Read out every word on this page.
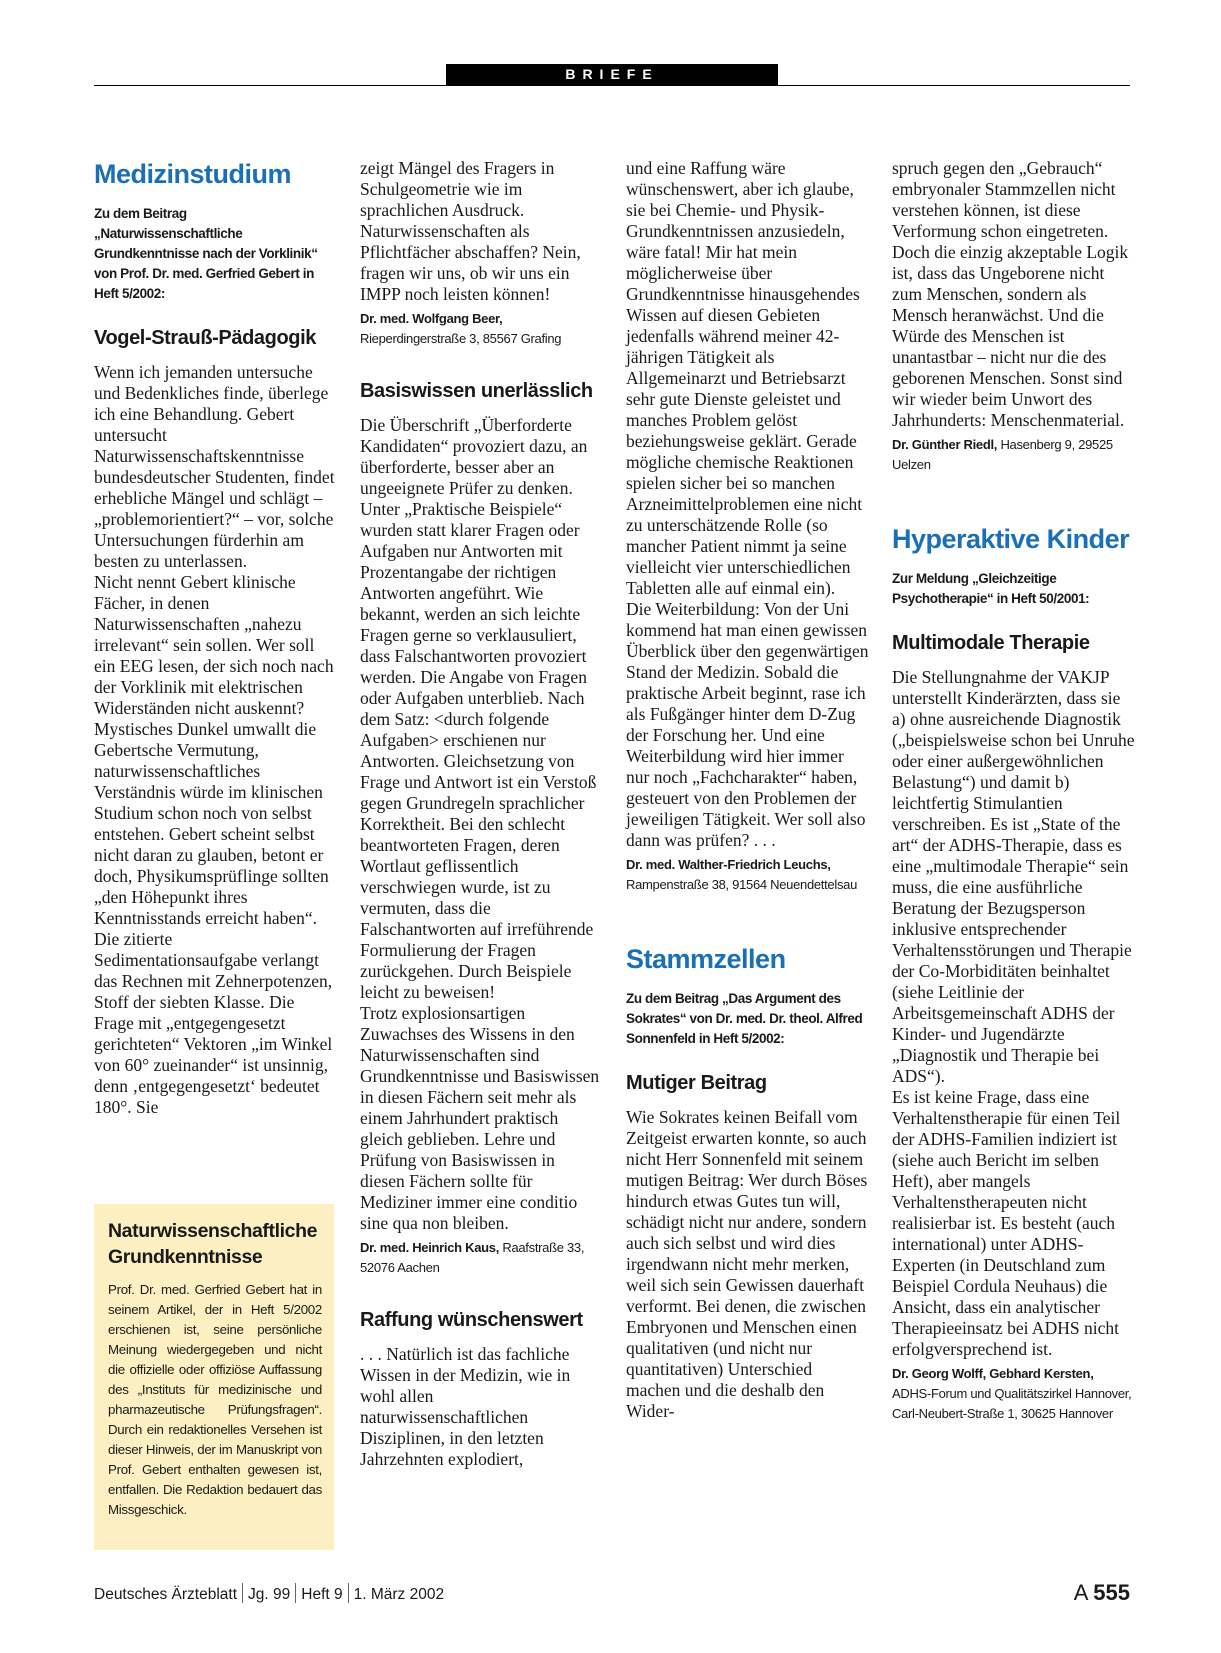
BRIEFE
Medizinstudium

Zu dem Beitrag „Naturwissenschaftliche Grundkenntnisse nach der Vorklinik“ von Prof. Dr. med. Gerfried Gebert in Heft 5/2002:

Vogel-Strauß-Pädagogik

Wenn ich jemanden untersuche und Bedenkliches finde, überlege ich eine Behandlung. Gebert untersucht Naturwissenschaftskenntnisse bundesdeutscher Studenten, findet erhebliche Mängel und schlägt – „problemorientiert?“ – vor, solche Untersuchungen fürderhin am besten zu unterlassen.
Nicht nennt Gebert klinische Fächer, in denen Naturwissenschaften „nahezu irrelevant“ sein sollen. Wer soll ein EEG lesen, der sich noch nach der Vorklinik mit elektrischen Widerständen nicht auskennt? Mystisches Dunkel umwallt die Gebertsche Vermutung, naturwissenschaftliches Verständnis würde im klinischen Studium schon noch von selbst entstehen. Gebert scheint selbst nicht daran zu glauben, betont er doch, Physikumsprüflinge sollten „den Höhepunkt ihres Kenntnisstands erreicht haben“.
Die zitierte Sedimentationsaufgabe verlangt das Rechnen mit Zehnerpotenzen, Stoff der siebten Klasse. Die Frage mit „entgegengesetzt gerichteten“ Vektoren „im Winkel von 60° zueinander“ ist unsinnig, denn ‚entgegengesetzt‘ bedeutet 180°. Sie

Naturwissenschaftliche Grundkenntnisse

Prof. Dr. med. Gerfried Gebert hat in seinem Artikel, der in Heft 5/2002 erschienen ist, seine persönliche Meinung wiedergegeben und nicht die offizielle oder offiziöse Auffassung des „Instituts für medizinische und pharmazeutische Prüfungsfragen“. Durch ein redaktionelles Versehen ist dieser Hinweis, der im Manuskript von Prof. Gebert enthalten gewesen ist, entfallen. Die Redaktion bedauert das Missgeschick.

zeigt Mängel des Fragers in Schulgeometrie wie im sprachlichen Ausdruck. Naturwissenschaften als Pflichtfächer abschaffen? Nein, fragen wir uns, ob wir uns ein IMPP noch leisten können!

Dr. med. Wolfgang Beer,
Rieperdingerstraße 3, 85567 Grafing

Basiswissen unerlässlich

Die Überschrift „Überforderte Kandidaten“ provoziert dazu, an überforderte, besser aber an ungeeignete Prüfer zu denken. Unter „Praktische Beispiele“ wurden statt klarer Fragen oder Aufgaben nur Antworten mit Prozentangabe der richtigen Antworten angeführt. Wie bekannt, werden an sich leichte Fragen gerne so verklausuliert, dass Falschantworten provoziert werden. Die Angabe von Fragen oder Aufgaben unterblieb. Nach dem Satz: <durch folgende Aufgaben> erschienen nur Antworten. Gleichsetzung von Frage und Antwort ist ein Verstoß gegen Grundregeln sprachlicher Korrektheit. Bei den schlecht beantworteten Fragen, deren Wortlaut geflissentlich verschwiegen wurde, ist zu vermuten, dass die Falschantworten auf irreführende Formulierung der Fragen zurückgehen. Durch Beispiele leicht zu beweisen!
Trotz explosionsartigen Zuwachses des Wissens in den Naturwissenschaften sind Grundkenntnisse und Basiswissen in diesen Fächern seit mehr als einem Jahrhundert praktisch gleich geblieben. Lehre und Prüfung von Basiswissen in diesen Fächern sollte für Mediziner immer eine conditio sine qua non bleiben.

Dr. med. Heinrich Kaus, Raafstraße 33, 52076 Aachen

Raffung wünschenswert

. . . Natürlich ist das fachliche Wissen in der Medizin, wie in wohl allen naturwissenschaftlichen Disziplinen, in den letzten Jahrzehnten explodiert,

und eine Raffung wäre wünschenswert, aber ich glaube, sie bei Chemie- und Physik-Grundkenntnissen anzusiedeln, wäre fatal! Mir hat mein möglicherweise über Grundkenntnisse hinausgehendes Wissen auf diesen Gebieten jedenfalls während meiner 42-jährigen Tätigkeit als Allgemeinarzt und Betriebsarzt sehr gute Dienste geleistet und manches Problem gelöst beziehungsweise geklärt. Gerade mögliche chemische Reaktionen spielen sicher bei so manchen Arzneimittelproblemen eine nicht zu unterschätzende Rolle (so mancher Patient nimmt ja seine vielleicht vier unterschiedlichen Tabletten alle auf einmal ein).
Die Weiterbildung: Von der Uni kommend hat man einen gewissen Überblick über den gegenwärtigen Stand der Medizin. Sobald die praktische Arbeit beginnt, rase ich als Fußgänger hinter dem D-Zug der Forschung her. Und eine Weiterbildung wird hier immer nur noch „Fachcharakter“ haben, gesteuert von den Problemen der jeweiligen Tätigkeit. Wer soll also dann was prüfen? . . .

Dr. med. Walther-Friedrich Leuchs,
Rampenstraße 38, 91564 Neuendettelsau

Stammzellen

Zu dem Beitrag „Das Argument des Sokrates“ von Dr. med. Dr. theol. Alfred Sonnenfeld in Heft 5/2002:

Mutiger Beitrag

Wie Sokrates keinen Beifall vom Zeitgeist erwarten konnte, so auch nicht Herr Sonnenfeld mit seinem mutigen Beitrag: Wer durch Böses hindurch etwas Gutes tun will, schädigt nicht nur andere, sondern auch sich selbst und wird dies irgendwann nicht mehr merken, weil sich sein Gewissen dauerhaft verformt. Bei denen, die zwischen Embryonen und Menschen einen qualitativen (und nicht nur quantitativen) Unterschied machen und die deshalb den Wider-

spruch gegen den „Gebrauch“ embryonaler Stammzellen nicht verstehen können, ist diese Verformung schon eingetreten. Doch die einzig akzeptable Logik ist, dass das Ungeborene nicht zum Menschen, sondern als Mensch heranwächst. Und die Würde des Menschen ist unantastbar – nicht nur die des geborenen Menschen. Sonst sind wir wieder beim Unwort des Jahrhunderts: Menschenmaterial.

Dr. Günther Riedl, Hasenberg 9, 29525 Uelzen

Hyperaktive Kinder

Zur Meldung „Gleichzeitige Psychotherapie“ in Heft 50/2001:

Multimodale Therapie

Die Stellungnahme der VAKJP unterstellt Kinderärzten, dass sie a) ohne ausreichende Diagnostik („beispielsweise schon bei Unruhe oder einer außergewöhnlichen Belastung“) und damit b) leichtfertig Stimulantien verschreiben. Es ist „State of the art“ der ADHS-Therapie, dass es eine „multimodale Therapie“ sein muss, die eine ausführliche Beratung der Bezugsperson inklusive entsprechender Verhaltensstörungen und Therapie der Co-Morbiditäten beinhaltet (siehe Leitlinie der Arbeitsgemeinschaft ADHS der Kinder- und Jugendärzte „Diagnostik und Therapie bei ADS“).
Es ist keine Frage, dass eine Verhaltenstherapie für einen Teil der ADHS-Familien indiziert ist (siehe auch Bericht im selben Heft), aber mangels Verhaltenstherapeuten nicht realisierbar ist. Es besteht (auch international) unter ADHS-Experten (in Deutschland zum Beispiel Cordula Neuhaus) die Ansicht, dass ein analytischer Therapieeinsatz bei ADHS nicht erfolgversprechend ist.

Dr. Georg Wolff, Gebhard Kersten,
ADHS-Forum und Qualitätszirkel Hannover, Carl-Neubert-Straße 1, 30625 Hannover

Deutsches Ärzteblatt Jg. 99 Heft 9 1. März 2002	A 555
